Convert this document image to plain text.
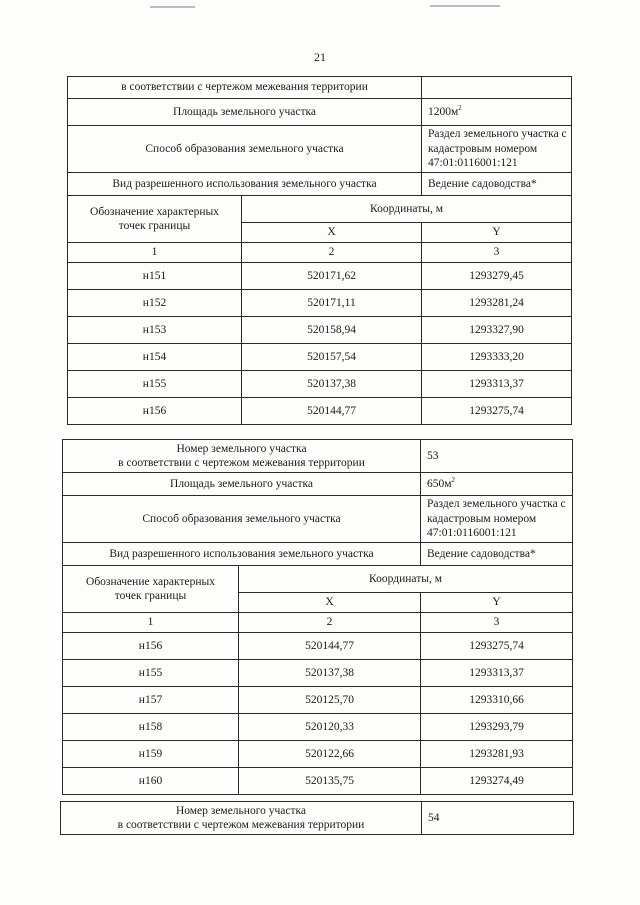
21
в соответствии с чертежом межевания территории		

Площадь земельного участка		$1200м^2$
Способ образования земельного участка		Раздел земельного участка с
кадастровым номером
47:01:0116001:121

Вид разрешенного использования земельного участка		Ведение садоводства*

Обозначение характерных
точек границы	Координаты, м	
	X	Y
1	2	3
н151	520171,62	1293279,45
н152	520171,11	1293281,24
н153	520158,94	1293327,90
н154	520157,54	1293333,20
н155	520137,38	1293313,37
н156	520144,77	1293275,74
Номер земельного участка
в соответствии с чертежом межевания территории		53
Площадь земельного участка		$650м^2$
Способ образования земельного участка		Раздел земельного участка с
кадастровым номером
47:01:0116001:121

Вид разрешенного использования земельного участка		Ведение садоводства*

Обозначение характерных
точек границы	Координаты, м	
	X	Y
1	2	3
н156	520144,77	1293275,74
н155	520137,38	1293313,37
н157	520125,70	1293310,66
н158	520120,33	1293293,79
н159	520122,66	1293281,93
н160	520135,75	1293274,49
Номер земельного участка
в соответствии с чертежом межевания территории
	54
